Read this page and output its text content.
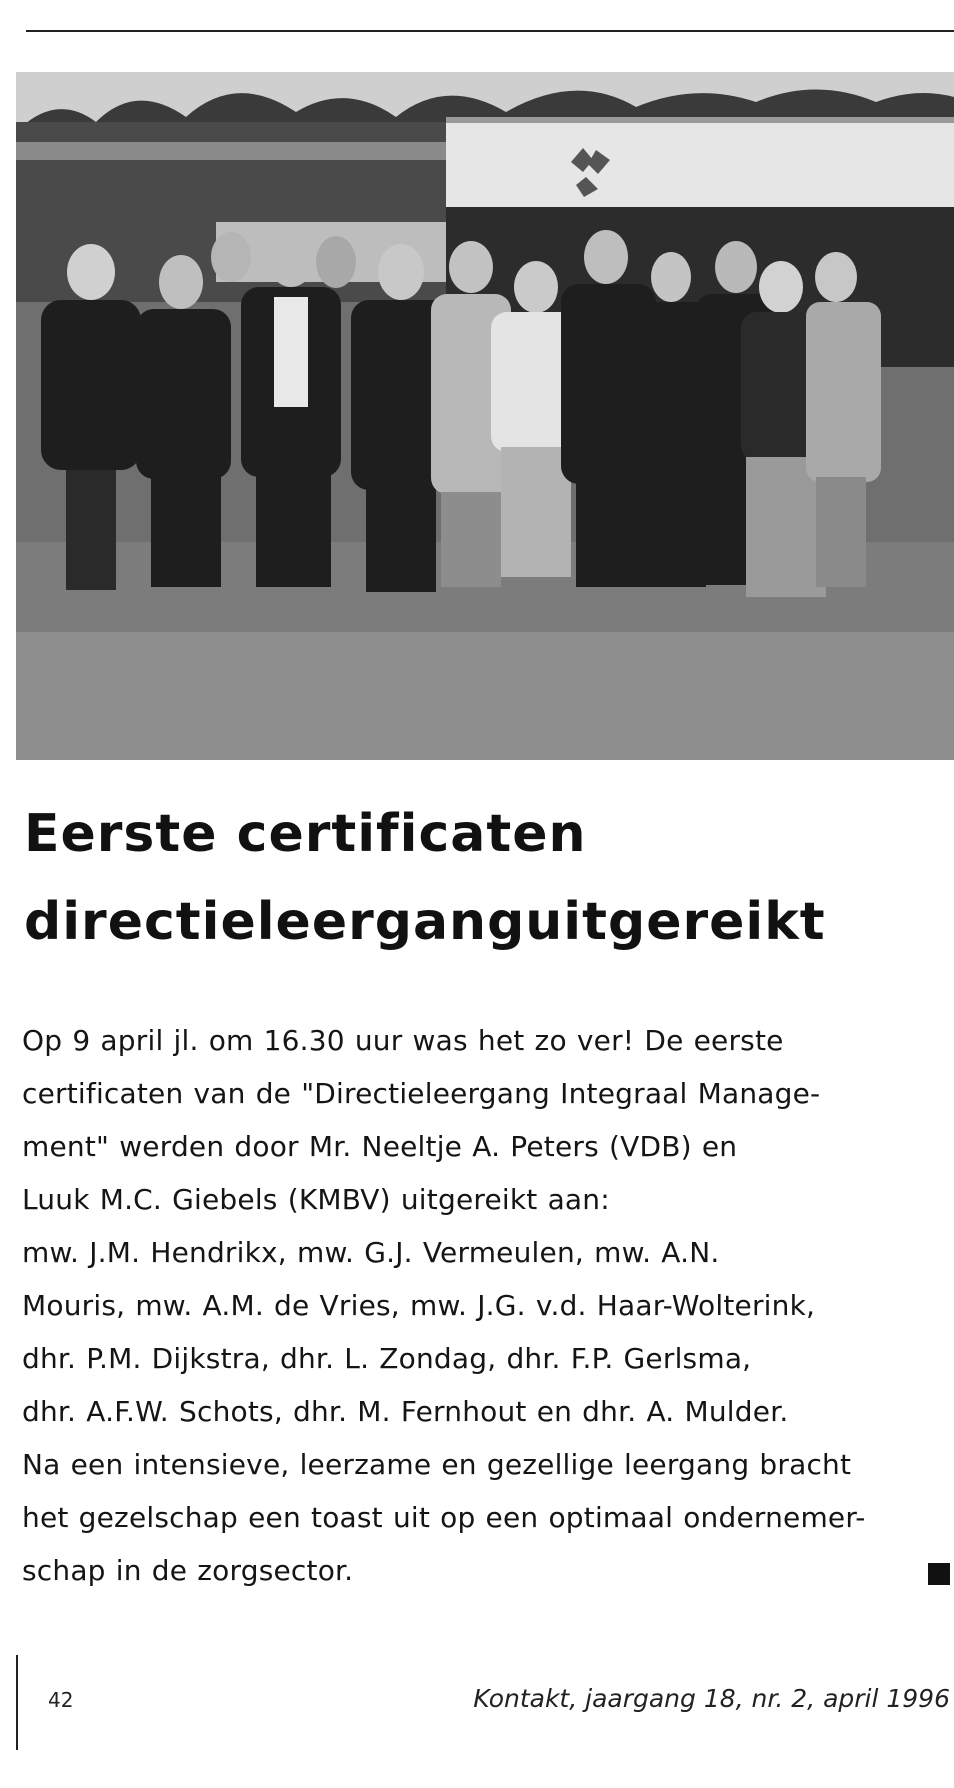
Eerste certificaten
directieleerganguitgereikt

Op 9 april jl. om 16.30 uur was het zo ver! De eerste
certificaten van de "Directieleergang Integraal Manage-
ment" werden door Mr. Neeltje A. Peters (VDB) en
Luuk M.C. Giebels (KMBV) uitgereikt aan:
mw. J.M. Hendrikx, mw. G.J. Vermeulen, mw. A.N.
Mouris, mw. A.M. de Vries, mw. J.G. v.d. Haar-Wolterink,
dhr. P.M. Dijkstra, dhr. L. Zondag, dhr. F.P. Gerlsma,
dhr. A.F.W. Schots, dhr. M. Fernhout en dhr. A. Mulder.
Na een intensieve, leerzame en gezellige leergang bracht
het gezelschap een toast uit op een optimaal ondernemer-
schap in de zorgsector.

42	Kontakt, jaargang 18, nr. 2, april 1996
